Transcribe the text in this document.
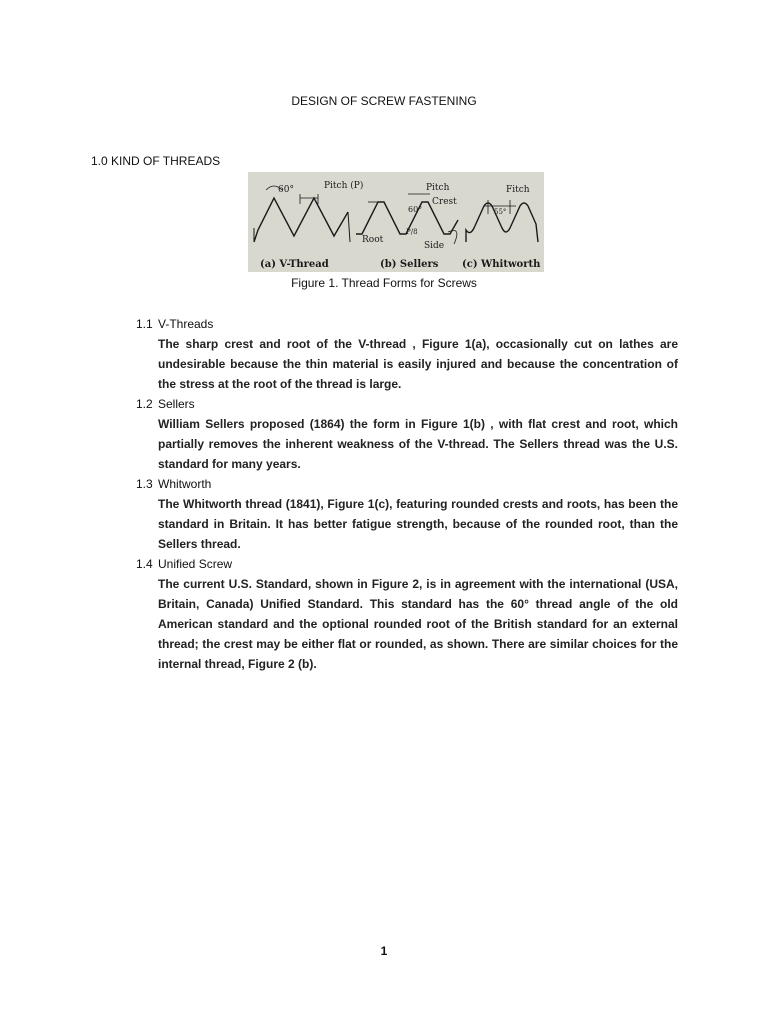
DESIGN OF SCREW FASTENING
1.0 KIND OF THREADS
60°	Pitch (P)
(a) V-Thread
Pitch
60°
Crest
Root
Side
P/8
(b) Sellers
Fitch
55°
(c) Whitworth
Figure 1. Thread Forms for Screws
1.1 V-Threads
The sharp crest and root of the V-thread , Figure 1(a), occasionally cut on lathes are undesirable because the thin material is easily injured and because the concentration of the stress at the root of the thread is large.
1.2 Sellers
William Sellers proposed (1864) the form in Figure 1(b) , with flat crest and root, which partially removes the inherent weakness of the V-thread. The Sellers thread was the U.S. standard for many years.
1.3 Whitworth
The Whitworth thread (1841), Figure 1(c), featuring rounded crests and roots, has been the standard in Britain. It has better fatigue strength, because of the rounded root, than the Sellers thread.
1.4 Unified Screw
The current U.S. Standard, shown in Figure 2, is in agreement with the international (USA, Britain, Canada) Unified Standard. This standard has the 60° thread angle of the old American standard and the optional rounded root of the British standard for an external thread; the crest may be either flat or rounded, as shown. There are similar choices for the internal thread, Figure 2 (b).
1
